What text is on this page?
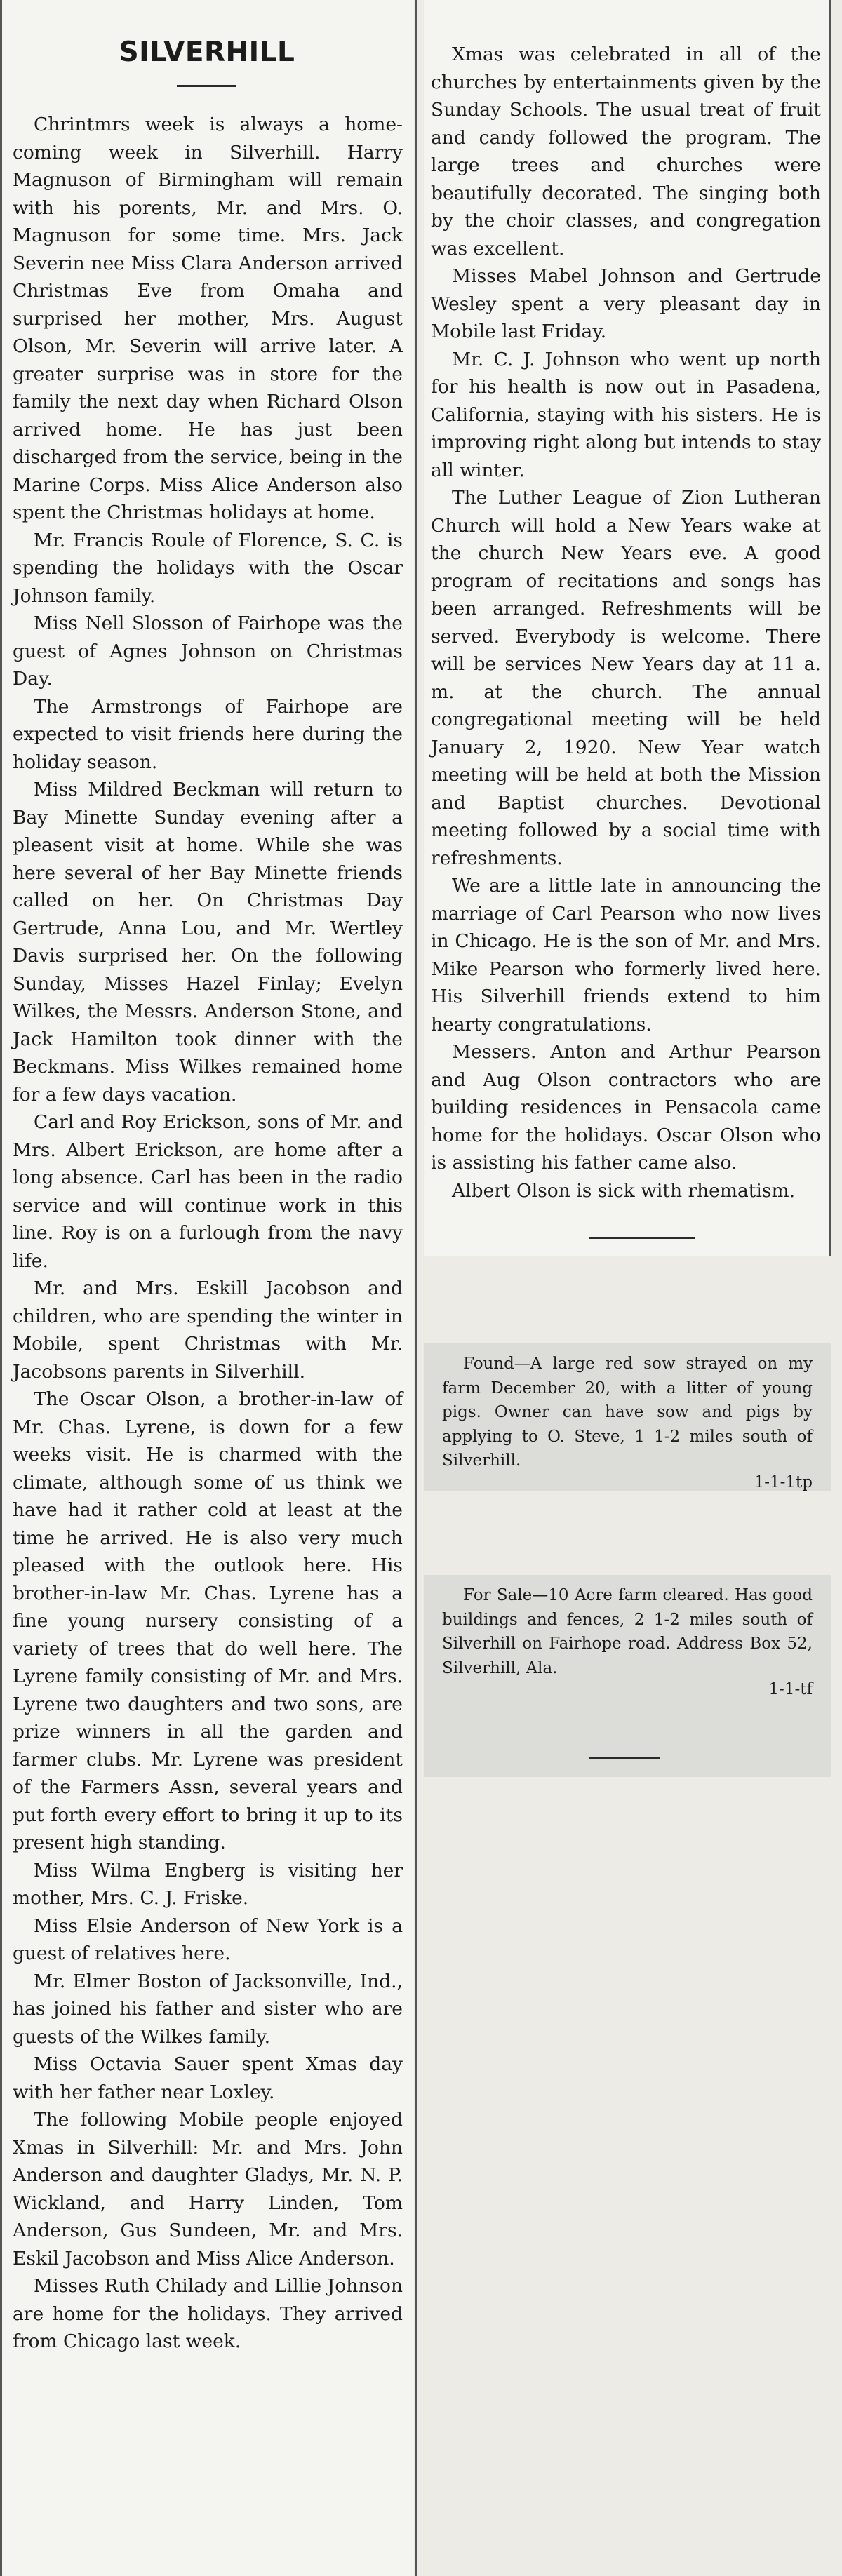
SILVERHILL

Chrintmrs week is always a home-coming week in Silverhill. Harry Magnuson of Birmingham will remain with his porents, Mr. and Mrs. O. Magnuson for some time. Mrs. Jack Severin nee Miss Clara Anderson arrived Christmas Eve from Omaha and surprised her mother, Mrs. August Olson, Mr. Severin will arrive later. A greater surprise was in store for the family the next day when Richard Olson arrived home. He has just been discharged from the service, being in the Marine Corps. Miss Alice Anderson also spent the Christmas holidays at home.

Mr. Francis Roule of Florence, S. C. is spending the holidays with the Oscar Johnson family.

Miss Nell Slosson of Fairhope was the guest of Agnes Johnson on Christmas Day.

The Armstrongs of Fairhope are expected to visit friends here during the holiday season.

Miss Mildred Beckman will return to Bay Minette Sunday evening after a pleasent visit at home. While she was here several of her Bay Minette friends called on her. On Christmas Day Gertrude, Anna Lou, and Mr. Wertley Davis surprised her. On the following Sunday, Misses Hazel Finlay; Evelyn Wilkes, the Messrs. Anderson Stone, and Jack Hamilton took dinner with the Beckmans. Miss Wilkes remained home for a few days vacation.

Carl and Roy Erickson, sons of Mr. and Mrs. Albert Erickson, are home after a long absence. Carl has been in the radio service and will continue work in this line. Roy is on a furlough from the navy life.

Mr. and Mrs. Eskill Jacobson and children, who are spending the winter in Mobile, spent Christmas with Mr. Jacobsons parents in Silverhill.

The Oscar Olson, a brother-in-law of Mr. Chas. Lyrene, is down for a few weeks visit. He is charmed with the climate, although some of us think we have had it rather cold at least at the time he arrived. He is also very much pleased with the outlook here. His brother-in-law Mr. Chas. Lyrene has a fine young nursery consisting of a variety of trees that do well here. The Lyrene family consisting of Mr. and Mrs. Lyrene two daughters and two sons, are prize winners in all the garden and farmer clubs. Mr. Lyrene was president of the Farmers Assn, several years and put forth every effort to bring it up to its present high standing.

Miss Wilma Engberg is visiting her mother, Mrs. C. J. Friske.

Miss Elsie Anderson of New York is a guest of relatives here.

Mr. Elmer Boston of Jacksonville, Ind., has joined his father and sister who are guests of the Wilkes family.

Miss Octavia Sauer spent Xmas day with her father near Loxley.

The following Mobile people enjoyed Xmas in Silverhill: Mr. and Mrs. John Anderson and daughter Gladys, Mr. N. P. Wickland, and Harry Linden, Tom Anderson, Gus Sundeen, Mr. and Mrs. Eskil Jacobson and Miss Alice Anderson.

Misses Ruth Chilady and Lillie Johnson are home for the holidays. They arrived from Chicago last week.

Xmas was celebrated in all of the churches by entertainments given by the Sunday Schools. The usual treat of fruit and candy followed the program. The large trees and churches were beautifully decorated. The singing both by the choir classes, and congregation was excellent.

Misses Mabel Johnson and Gertrude Wesley spent a very pleasant day in Mobile last Friday.

Mr. C. J. Johnson who went up north for his health is now out in Pasadena, California, staying with his sisters. He is improving right along but intends to stay all winter.

The Luther League of Zion Lutheran Church will hold a New Years wake at the church New Years eve. A good program of recitations and songs has been arranged. Refreshments will be served. Everybody is welcome. There will be services New Years day at 11 a. m. at the church. The annual congregational meeting will be held January 2, 1920. New Year watch meeting will be held at both the Mission and Baptist churches. Devotional meeting followed by a social time with refreshments.

We are a little late in announcing the marriage of Carl Pearson who now lives in Chicago. He is the son of Mr. and Mrs. Mike Pearson who formerly lived here. His Silverhill friends extend to him hearty congratulations.

Messers. Anton and Arthur Pearson and Aug Olson contractors who are building residences in Pensacola came home for the holidays. Oscar Olson who is assisting his father came also.

Albert Olson is sick with rhematism.

Found—A large red sow strayed on my farm December 20, with a litter of young pigs. Owner can have sow and pigs by applying to O. Steve, 1 1-2 miles south of Silverhill.

1-1-1tp

For Sale—10 Acre farm cleared. Has good buildings and fences, 2 1-2 miles south of Silverhill on Fairhope road. Address Box 52, Silverhill, Ala.

1-1-tf
